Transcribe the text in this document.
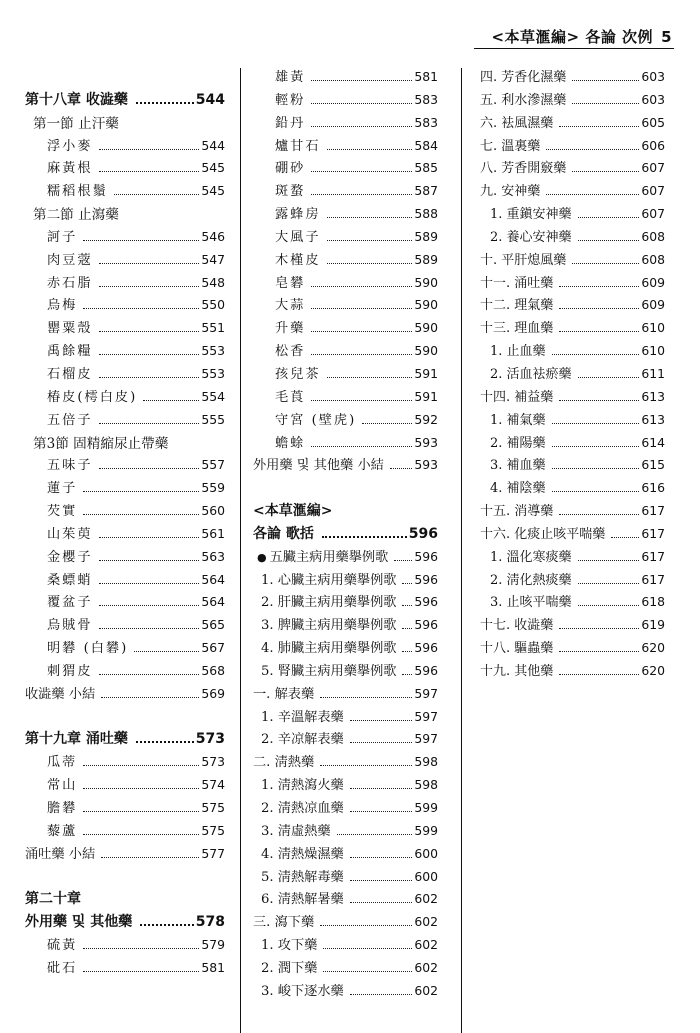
<本草滙編> 各論 次例 5
第十八章 收澁藥	544
第一節 止汗藥
浮小麥	544
麻黃根	545
糯稻根鬚	545
第二節 止瀉藥
訶子	546
肉豆蔲	547
赤石脂	548
烏梅	550
罌粟殼	551
禹餘糧	553
石榴皮	553
椿皮(樗白皮)	554
五倍子	555
第3節 固精縮尿止帶藥
五味子	557
蓮子	559
芡實	560
山茱萸	561
金櫻子	563
桑螵蛸	564
覆盆子	564
烏賊骨	565
明礬 (白礬)	567
刺猬皮	568
收澁藥 小結	569
第十九章 涌吐藥	573
瓜蒂	573
常山	574
膽礬	575
藜蘆	575
涌吐藥 小結	577
第二十章
外用藥 및 其他藥	578
硫黃	579
砒石	581
雄黃	581
輕粉	583
鉛丹	583
爐甘石	584
硼砂	585
斑蝥	587
露蜂房	588
大風子	589
木槿皮	589
皂礬	590
大蒜	590
升藥	590
松香	590
孩兒茶	591
毛莨	591
守宮 (壁虎)	592
蟾蜍	593
外用藥 및 其他藥 小結 593
<本草滙編>
各論 歌括	596
● 五臟主病用藥擧例歌 596
1. 心臟主病用藥擧例歌 596
2. 肝臟主病用藥擧例歌 596
3. 脾臟主病用藥擧例歌 596
4. 肺臟主病用藥擧例歌 596
5. 腎臟主病用藥擧例歌 596
一. 解表藥	597
1. 辛溫解表藥	597
2. 辛凉解表藥	597
二. 淸熱藥	598
1. 淸熱瀉火藥	598
2. 淸熱凉血藥	599
3. 淸虛熱藥	599
4. 淸熱燥濕藥	600
5. 淸熱解毒藥	600
6. 淸熱解暑藥	602
三. 瀉下藥	602
1. 攻下藥	602
2. 潤下藥	602
3. 峻下逐水藥	602
四. 芳香化濕藥	603
五. 利水滲濕藥	603
六. 袪風濕藥	605
七. 溫裏藥	606
八. 芳香開竅藥	607
九. 安神藥	607
1. 重鎭安神藥	607
2. 養心安神藥	608
十. 平肝熄風藥	608
十一. 涌吐藥	609
十二. 理氣藥	609
十三. 理血藥	610
1. 止血藥	610
2. 活血袪瘀藥	611
十四. 補益藥	613
1. 補氣藥	613
2. 補陽藥	614
3. 補血藥	615
4. 補陰藥	616
十五. 消導藥	617
十六. 化痰止咳平喘藥	617
1. 溫化寒痰藥	617
2. 淸化熱痰藥	617
3. 止咳平喘藥	618
十七. 收澁藥	619
十八. 驅蟲藥	620
十九. 其他藥	620
